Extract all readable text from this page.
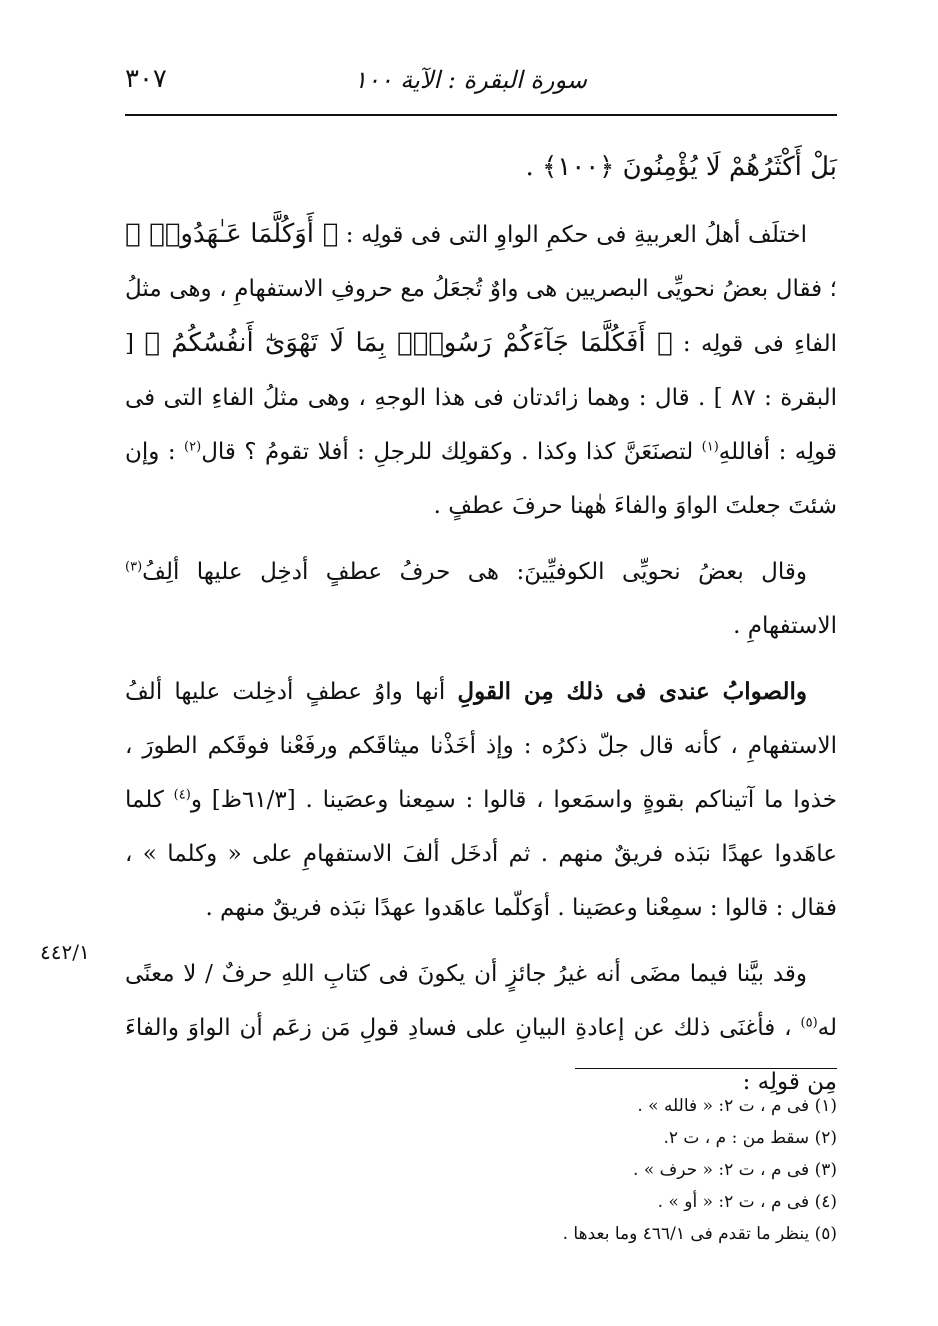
سورة البقرة : الآية ١٠٠
٣٠٧

بَلْ أَكْثَرُهُمْ لَا يُؤْمِنُونَ ﴿١٠٠﴾ .

اختلَف أهلُ العربيةِ فى حكمِ الواوِ التى فى قولِه : ﴿ أَوَكُلَّمَا عَـٰهَدُوا۟ ﴾ ؛ فقال بعضُ نحويِّى البصريين هى واوٌ تُجعَلُ مع حروفِ الاستفهامِ ، وهى مثلُ الفاءِ فى قولِه : ﴿ أَفَكُلَّمَا جَآءَكُمْ رَسُولٌۢ بِمَا لَا تَهْوَىٰٓ أَنفُسُكُمُ ﴾ [ البقرة : ٨٧ ] . قال : وهما زائدتان فى هذا الوجهِ ، وهى مثلُ الفاءِ التى فى قولِه : أفاللهِ$^{(١)}$ لتصنَعَنَّ كذا وكذا . وكقولِك للرجلِ : أفلا تقومُ ؟ قال$^{(٢)}$ : وإن شئتَ جعلتَ الواوَ والفاءَ هٰهنا حرفَ عطفٍ .

وقال بعضُ نحويِّى الكوفيِّينَ: هى حرفُ عطفٍ أدخِل عليها ألِفُ$^{(٣)}$ الاستفهامِ .

والصوابُ عندى فى ذلك مِن القولِ أنها واوُ عطفٍ أدخِلت عليها ألفُ الاستفهامِ ، كأنه قال جلّ ذكرُه : وإذ أخَذْنا ميثاقَكم ورفَعْنا فوقَكم الطورَ ، خذوا ما آتيناكم بقوةٍ واسمَعوا ، قالوا : سمِعنا وعصَينا . [٦١/٣ظ] و$^{(٤)}$ كلما عاهَدوا عهدًا نبَذه فريقٌ منهم . ثم أدخَل ألفَ الاستفهامِ على « وكلما » ، فقال : قالوا : سمِعْنا وعصَينا . أوَكلّما عاهَدوا عهدًا نبَذه فريقٌ منهم .

وقد بيَّنا فيما مضَى أنه غيرُ جائزٍ أن يكونَ فى كتابِ اللهِ حرفٌ / لا معنًى له$^{(٥)}$ ، فأغنَى ذلك عن إعادةِ البيانِ على فسادِ قولِ مَن زعَم أن الواوَ والفاءَ مِن قولِه :

٤٤٢/١

(١) فى م ، ت ٢: « فالله » .

(٢) سقط من : م ، ت ٢.

(٣) فى م ، ت ٢: « حرف » .

(٤) فى م ، ت ٢: « أو » .

(٥) ينظر ما تقدم فى ٤٦٦/١ وما بعدها .
